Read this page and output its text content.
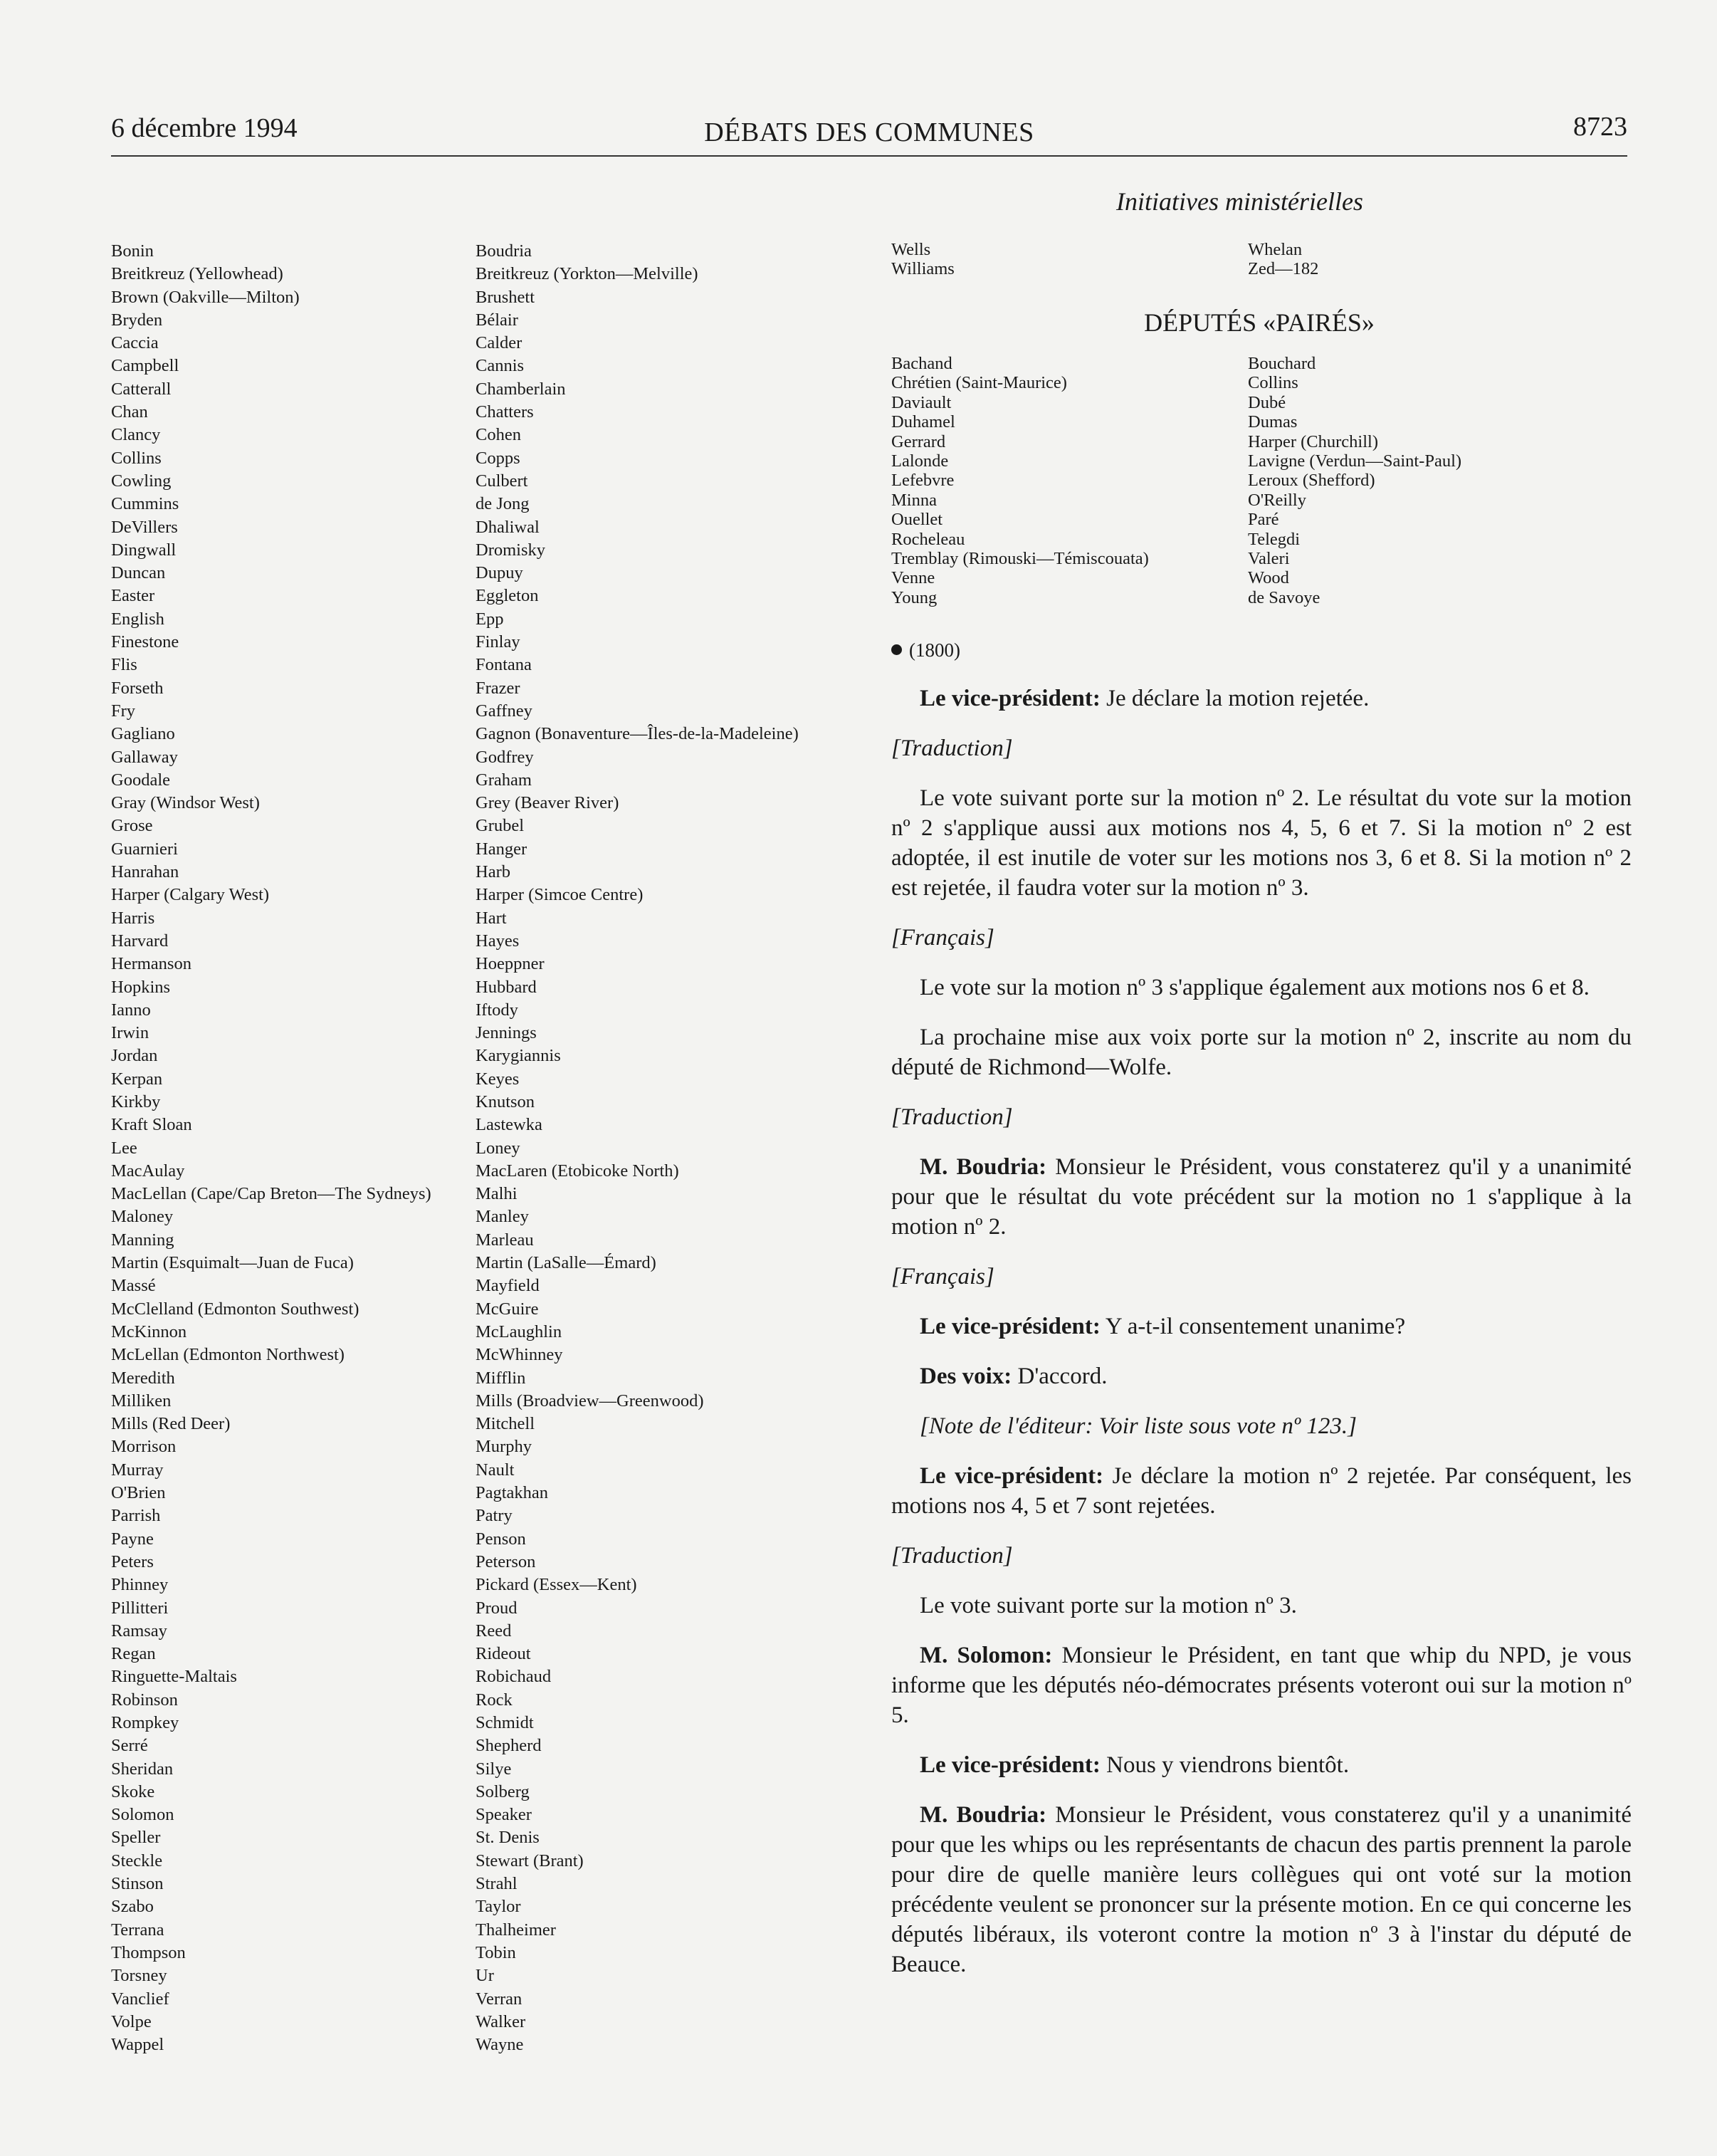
6 décembre 1994	DÉBATS DES COMMUNES	8723
Initiatives ministérielles
Bonin
Breitkreuz (Yellowhead)
Brown (Oakville—Milton)
Bryden
Caccia
Campbell
Catterall
Chan
Clancy
Collins
Cowling
Cummins
DeVillers
Dingwall
Duncan
Easter
English
Finestone
Flis
Forseth
Fry
Gagliano
Gallaway
Goodale
Gray (Windsor West)
Grose
Guarnieri
Hanrahan
Harper (Calgary West)
Harris
Harvard
Hermanson
Hopkins
Ianno
Irwin
Jordan
Kerpan
Kirkby
Kraft Sloan
Lee
MacAulay
MacLellan (Cape/Cap Breton—The Sydneys)
Maloney
Manning
Martin (Esquimalt—Juan de Fuca)
Massé
McClelland (Edmonton Southwest)
McKinnon
McLellan (Edmonton Northwest)
Meredith
Milliken
Mills (Red Deer)
Morrison
Murray
O'Brien
Parrish
Payne
Peters
Phinney
Pillitteri
Ramsay
Regan
Ringuette-Maltais
Robinson
Rompkey
Serré
Sheridan
Skoke
Solomon
Speller
Steckle
Stinson
Szabo
Terrana
Thompson
Torsney
Vanclief
Volpe
Wappel
Boudria
Breitkreuz (Yorkton—Melville)
Brushett
Bélair
Calder
Cannis
Chamberlain
Chatters
Cohen
Copps
Culbert
de Jong
Dhaliwal
Dromisky
Dupuy
Eggleton
Epp
Finlay
Fontana
Frazer
Gaffney
Gagnon (Bonaventure—Îles-de-la-Madeleine)
Godfrey
Graham
Grey (Beaver River)
Grubel
Hanger
Harb
Harper (Simcoe Centre)
Hart
Hayes
Hoeppner
Hubbard
Iftody
Jennings
Karygiannis
Keyes
Knutson
Lastewka
Loney
MacLaren (Etobicoke North)
Malhi
Manley
Marleau
Martin (LaSalle—Émard)
Mayfield
McGuire
McLaughlin
McWhinney
Mifflin
Mills (Broadview—Greenwood)
Mitchell
Murphy
Nault
Pagtakhan
Patry
Penson
Peterson
Pickard (Essex—Kent)
Proud
Reed
Rideout
Robichaud
Rock
Schmidt
Shepherd
Silye
Solberg
Speaker
St. Denis
Stewart (Brant)
Strahl
Taylor
Thalheimer
Tobin
Ur
Verran
Walker
Wayne
Wells
Williams
Whelan
Zed—182
DÉPUTÉS «PAIRÉS»
Bachand
Chrétien (Saint-Maurice)
Daviault
Duhamel
Gerrard
Lalonde
Lefebvre
Minna
Ouellet
Rocheleau
Tremblay (Rimouski—Témiscouata)
Venne
Young
Bouchard
Collins
Dubé
Dumas
Harper (Churchill)
Lavigne (Verdun—Saint-Paul)
Leroux (Shefford)
O'Reilly
Paré
Telegdi
Valeri
Wood
de Savoye
(1800)

Le vice-président: Je déclare la motion rejetée.

[Traduction]

Le vote suivant porte sur la motion nº 2. Le résultat du vote sur la motion nº 2 s'applique aussi aux motions nos 4, 5, 6 et 7. Si la motion nº 2 est adoptée, il est inutile de voter sur les motions nos 3, 6 et 8. Si la motion nº 2 est rejetée, il faudra voter sur la motion nº 3.

[Français]

Le vote sur la motion nº 3 s'applique également aux motions nos 6 et 8.

La prochaine mise aux voix porte sur la motion nº 2, inscrite au nom du député de Richmond—Wolfe.

[Traduction]

M. Boudria: Monsieur le Président, vous constaterez qu'il y a unanimité pour que le résultat du vote précédent sur la motion no 1 s'applique à la motion nº 2.

[Français]

Le vice-président: Y a-t-il consentement unanime?

Des voix: D'accord.

[Note de l'éditeur: Voir liste sous vote nº 123.]

Le vice-président: Je déclare la motion nº 2 rejetée. Par conséquent, les motions nos 4, 5 et 7 sont rejetées.

[Traduction]

Le vote suivant porte sur la motion nº 3.

M. Solomon: Monsieur le Président, en tant que whip du NPD, je vous informe que les députés néo-démocrates présents voteront oui sur la motion nº 5.

Le vice-président: Nous y viendrons bientôt.

M. Boudria: Monsieur le Président, vous constaterez qu'il y a unanimité pour que les whips ou les représentants de chacun des partis prennent la parole pour dire de quelle manière leurs collègues qui ont voté sur la motion précédente veulent se prononcer sur la présente motion. En ce qui concerne les députés libéraux, ils voteront contre la motion nº 3 à l'instar du député de Beauce.
